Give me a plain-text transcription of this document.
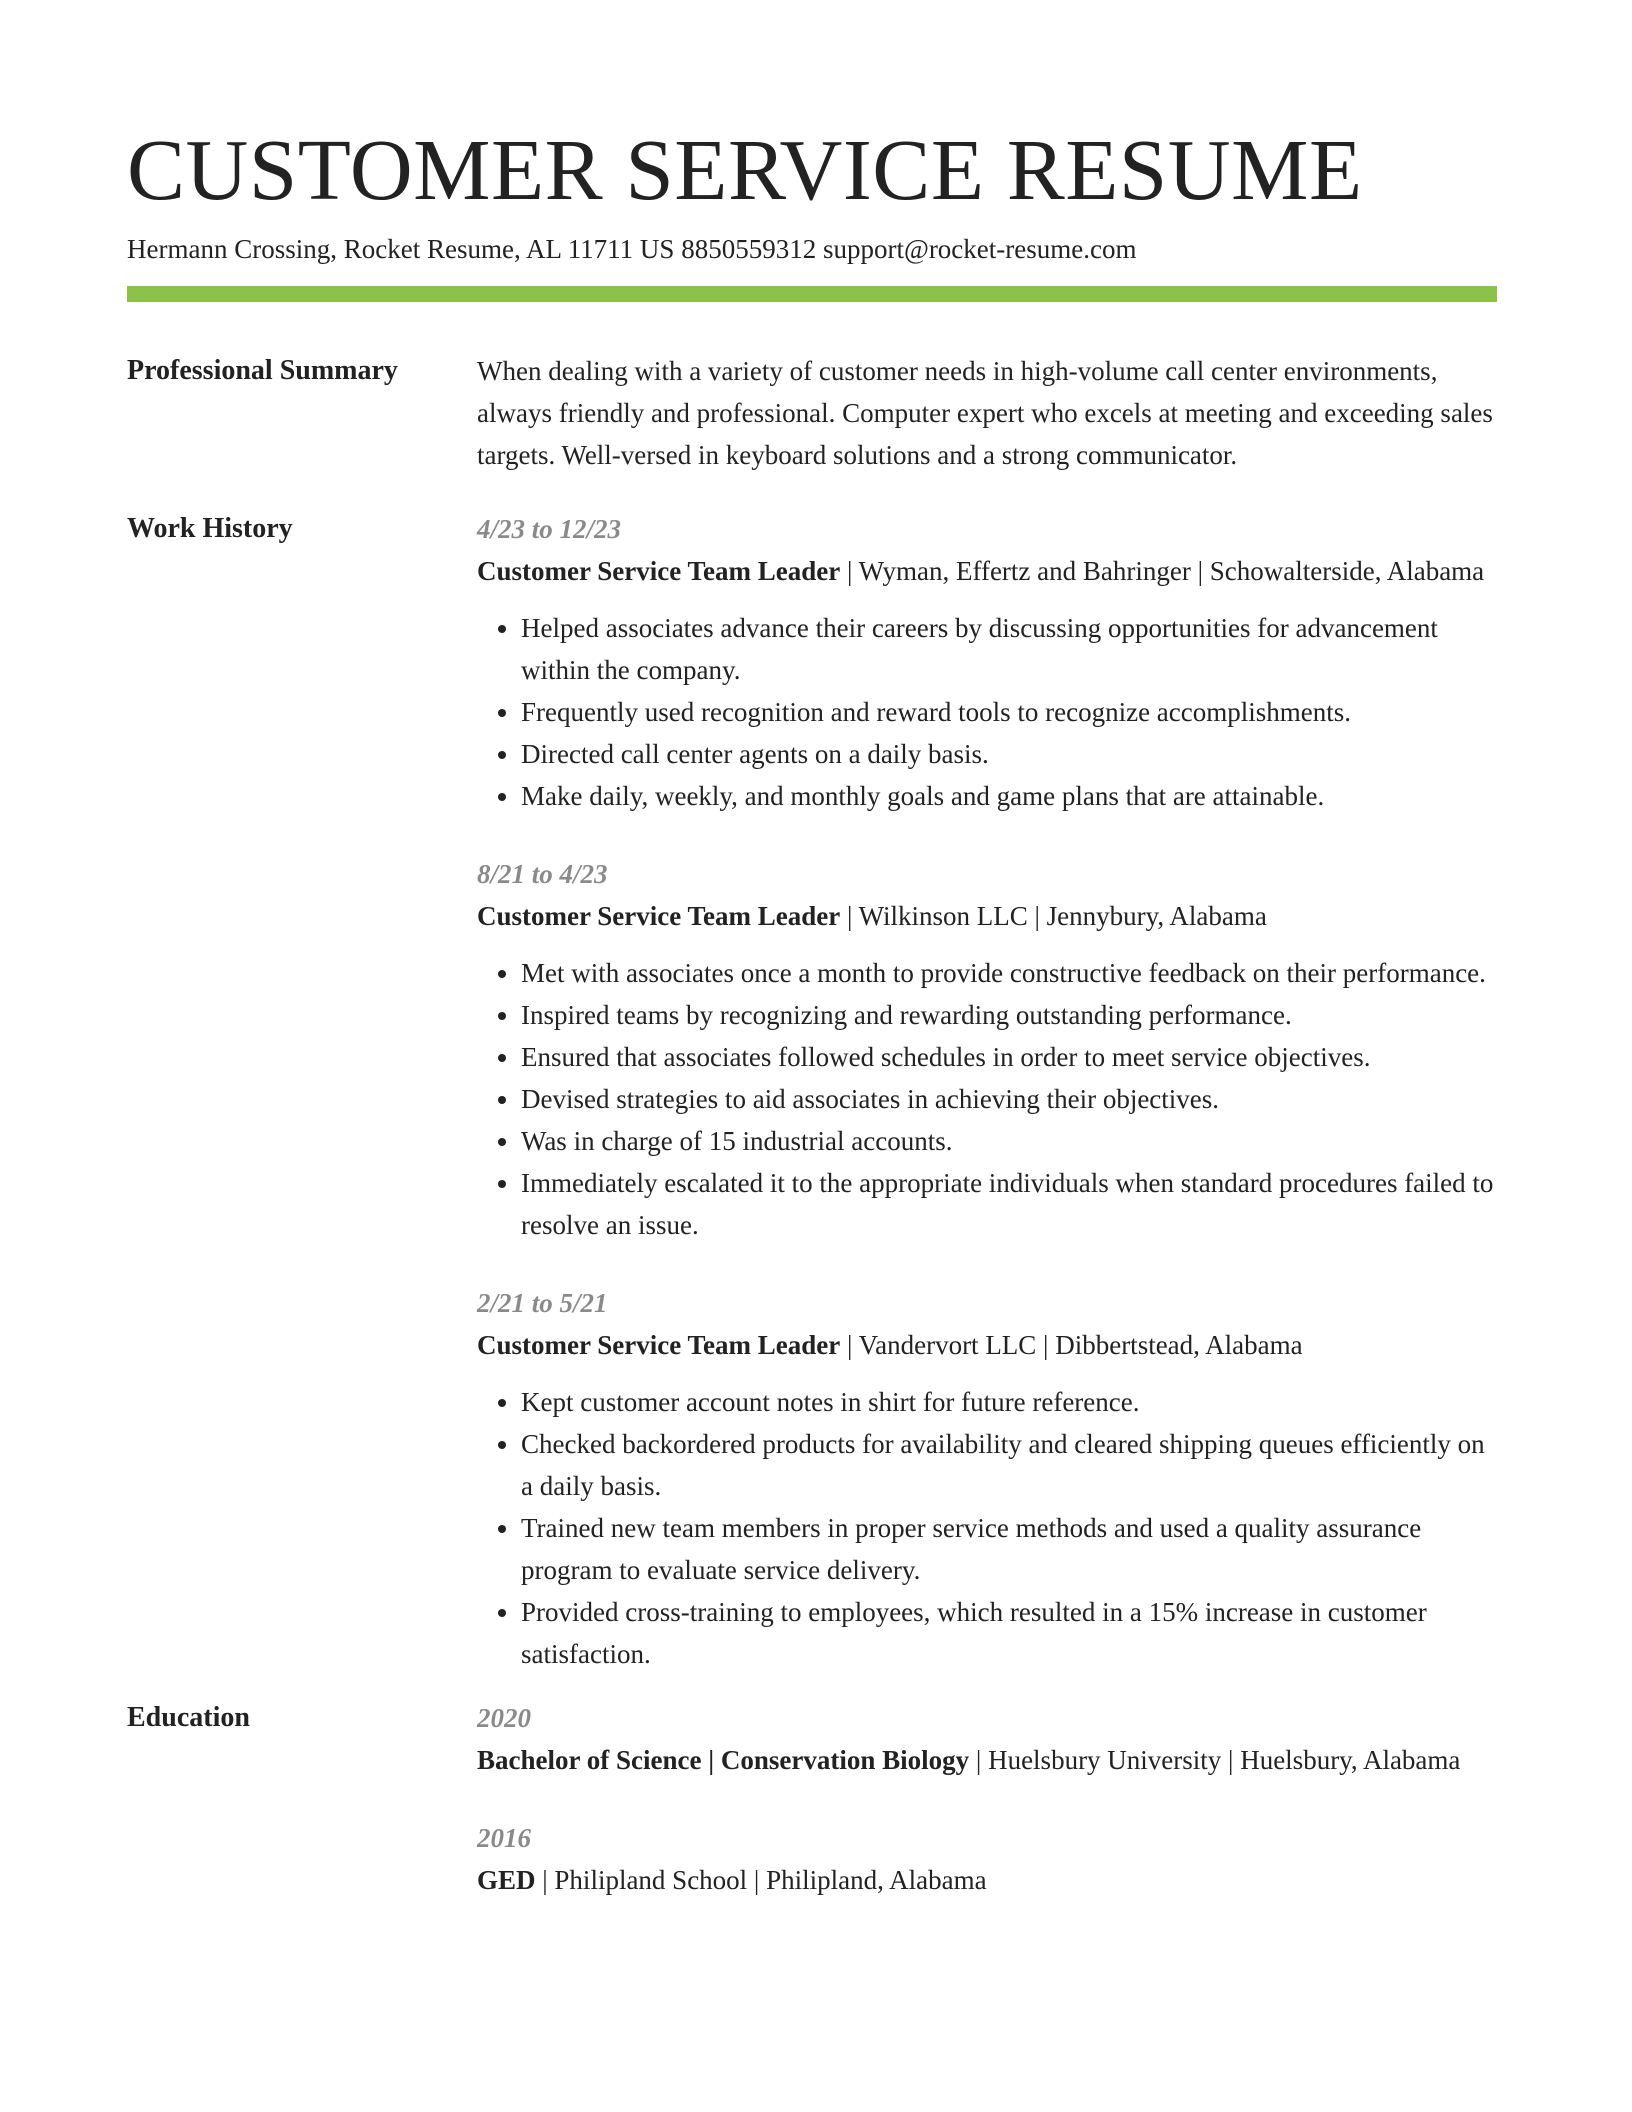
CUSTOMER SERVICE RESUME
Hermann Crossing, Rocket Resume, AL 11711 US 8850559312 support@rocket-resume.com
Professional Summary	When dealing with a variety of customer needs in high-volume call center environments, always friendly and professional. Computer expert who excels at meeting and exceeding sales targets. Well-versed in keyboard solutions and a strong communicator.
Work History	4/23 to 12/23
Customer Service Team Leader | Wyman, Effertz and Bahringer | Schowalterside, Alabama
• Helped associates advance their careers by discussing opportunities for advancement within the company.
• Frequently used recognition and reward tools to recognize accomplishments.
• Directed call center agents on a daily basis.
• Make daily, weekly, and monthly goals and game plans that are attainable.
8/21 to 4/23
Customer Service Team Leader | Wilkinson LLC | Jennybury, Alabama
• Met with associates once a month to provide constructive feedback on their performance.
• Inspired teams by recognizing and rewarding outstanding performance.
• Ensured that associates followed schedules in order to meet service objectives.
• Devised strategies to aid associates in achieving their objectives.
• Was in charge of 15 industrial accounts.
• Immediately escalated it to the appropriate individuals when standard procedures failed to resolve an issue.
2/21 to 5/21
Customer Service Team Leader | Vandervort LLC | Dibbertstead, Alabama
• Kept customer account notes in shirt for future reference.
• Checked backordered products for availability and cleared shipping queues efficiently on a daily basis.
• Trained new team members in proper service methods and used a quality assurance program to evaluate service delivery.
• Provided cross-training to employees, which resulted in a 15% increase in customer satisfaction.
Education	2020
Bachelor of Science | Conservation Biology | Huelsbury University | Huelsbury, Alabama
2016
GED | Philipland School | Philipland, Alabama
